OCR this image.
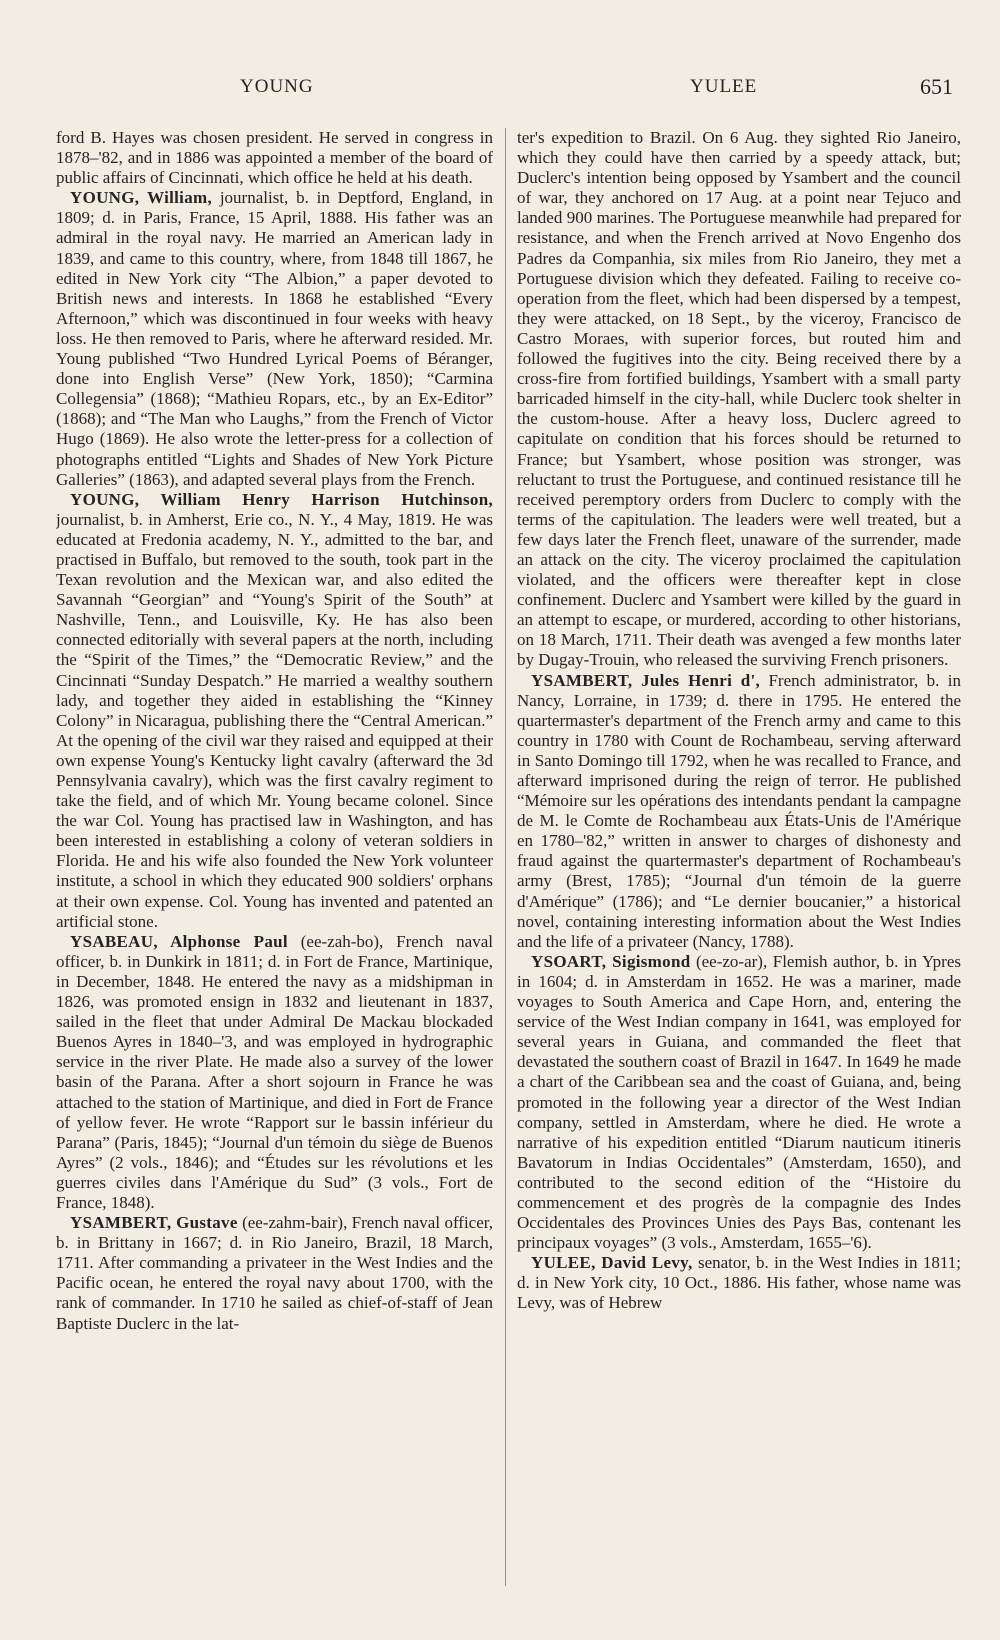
YOUNG	YULEE	651

ford B. Hayes was chosen president. He served in congress in 1878–'82, and in 1886 was appointed a member of the board of public affairs of Cincinnati, which office he held at his death.

YOUNG, William, journalist, b. in Deptford, England, in 1809; d. in Paris, France, 15 April, 1888. His father was an admiral in the royal navy. He married an American lady in 1839, and came to this country, where, from 1848 till 1867, he edited in New York city “The Albion,” a paper devoted to British news and interests. In 1868 he established “Every Afternoon,” which was discontinued in four weeks with heavy loss. He then removed to Paris, where he afterward resided. Mr. Young published “Two Hundred Lyrical Poems of Béranger, done into English Verse” (New York, 1850); “Carmina Collegensia” (1868); “Mathieu Ropars, etc., by an Ex-Editor” (1868); and “The Man who Laughs,” from the French of Victor Hugo (1869). He also wrote the letter-press for a collection of photographs entitled “Lights and Shades of New York Picture Galleries” (1863), and adapted several plays from the French.

YOUNG, William Henry Harrison Hutchinson, journalist, b. in Amherst, Erie co., N. Y., 4 May, 1819. He was educated at Fredonia academy, N. Y., admitted to the bar, and practised in Buffalo, but removed to the south, took part in the Texan revolution and the Mexican war, and also edited the Savannah “Georgian” and “Young's Spirit of the South” at Nashville, Tenn., and Louisville, Ky. He has also been connected editorially with several papers at the north, including the “Spirit of the Times,” the “Democratic Review,” and the Cincinnati “Sunday Despatch.” He married a wealthy southern lady, and together they aided in establishing the “Kinney Colony” in Nicaragua, publishing there the “Central American.” At the opening of the civil war they raised and equipped at their own expense Young's Kentucky light cavalry (afterward the 3d Pennsylvania cavalry), which was the first cavalry regiment to take the field, and of which Mr. Young became colonel. Since the war Col. Young has practised law in Washington, and has been interested in establishing a colony of veteran soldiers in Florida. He and his wife also founded the New York volunteer institute, a school in which they educated 900 soldiers' orphans at their own expense. Col. Young has invented and patented an artificial stone.

YSABEAU, Alphonse Paul (ee-zah-bo), French naval officer, b. in Dunkirk in 1811; d. in Fort de France, Martinique, in December, 1848. He entered the navy as a midshipman in 1826, was promoted ensign in 1832 and lieutenant in 1837, sailed in the fleet that under Admiral De Mackau blockaded Buenos Ayres in 1840–'3, and was employed in hydrographic service in the river Plate. He made also a survey of the lower basin of the Parana. After a short sojourn in France he was attached to the station of Martinique, and died in Fort de France of yellow fever. He wrote “Rapport sur le bassin inférieur du Parana” (Paris, 1845); “Journal d'un témoin du siège de Buenos Ayres” (2 vols., 1846); and “Études sur les révolutions et les guerres civiles dans l'Amérique du Sud” (3 vols., Fort de France, 1848).

YSAMBERT, Gustave (ee-zahm-bair), French naval officer, b. in Brittany in 1667; d. in Rio Janeiro, Brazil, 18 March, 1711. After commanding a privateer in the West Indies and the Pacific ocean, he entered the royal navy about 1700, with the rank of commander. In 1710 he sailed as chief-of-staff of Jean Baptiste Duclerc in the lat-

ter's expedition to Brazil. On 6 Aug. they sighted Rio Janeiro, which they could have then carried by a speedy attack, but; Duclerc's intention being opposed by Ysambert and the council of war, they anchored on 17 Aug. at a point near Tejuco and landed 900 marines. The Portuguese meanwhile had prepared for resistance, and when the French arrived at Novo Engenho dos Padres da Companhia, six miles from Rio Janeiro, they met a Portuguese division which they defeated. Failing to receive co-operation from the fleet, which had been dispersed by a tempest, they were attacked, on 18 Sept., by the viceroy, Francisco de Castro Moraes, with superior forces, but routed him and followed the fugitives into the city. Being received there by a cross-fire from fortified buildings, Ysambert with a small party barricaded himself in the city-hall, while Duclerc took shelter in the custom-house. After a heavy loss, Duclerc agreed to capitulate on condition that his forces should be returned to France; but Ysambert, whose position was stronger, was reluctant to trust the Portuguese, and continued resistance till he received peremptory orders from Duclerc to comply with the terms of the capitulation. The leaders were well treated, but a few days later the French fleet, unaware of the surrender, made an attack on the city. The viceroy proclaimed the capitulation violated, and the officers were thereafter kept in close confinement. Duclerc and Ysambert were killed by the guard in an attempt to escape, or murdered, according to other historians, on 18 March, 1711. Their death was avenged a few months later by Dugay-Trouin, who released the surviving French prisoners.

YSAMBERT, Jules Henri d', French administrator, b. in Nancy, Lorraine, in 1739; d. there in 1795. He entered the quartermaster's department of the French army and came to this country in 1780 with Count de Rochambeau, serving afterward in Santo Domingo till 1792, when he was recalled to France, and afterward imprisoned during the reign of terror. He published “Mémoire sur les opérations des intendants pendant la campagne de M. le Comte de Rochambeau aux États-Unis de l'Amérique en 1780–'82,” written in answer to charges of dishonesty and fraud against the quartermaster's department of Rochambeau's army (Brest, 1785); “Journal d'un témoin de la guerre d'Amérique” (1786); and “Le dernier boucanier,” a historical novel, containing interesting information about the West Indies and the life of a privateer (Nancy, 1788).

YSOART, Sigismond (ee-zo-ar), Flemish author, b. in Ypres in 1604; d. in Amsterdam in 1652. He was a mariner, made voyages to South America and Cape Horn, and, entering the service of the West Indian company in 1641, was employed for several years in Guiana, and commanded the fleet that devastated the southern coast of Brazil in 1647. In 1649 he made a chart of the Caribbean sea and the coast of Guiana, and, being promoted in the following year a director of the West Indian company, settled in Amsterdam, where he died. He wrote a narrative of his expedition entitled “Diarum nauticum itineris Bavatorum in Indias Occidentales” (Amsterdam, 1650), and contributed to the second edition of the “Histoire du commencement et des progrès de la compagnie des Indes Occidentales des Provinces Unies des Pays Bas, contenant les principaux voyages” (3 vols., Amsterdam, 1655–'6).

YULEE, David Levy, senator, b. in the West Indies in 1811; d. in New York city, 10 Oct., 1886. His father, whose name was Levy, was of Hebrew
